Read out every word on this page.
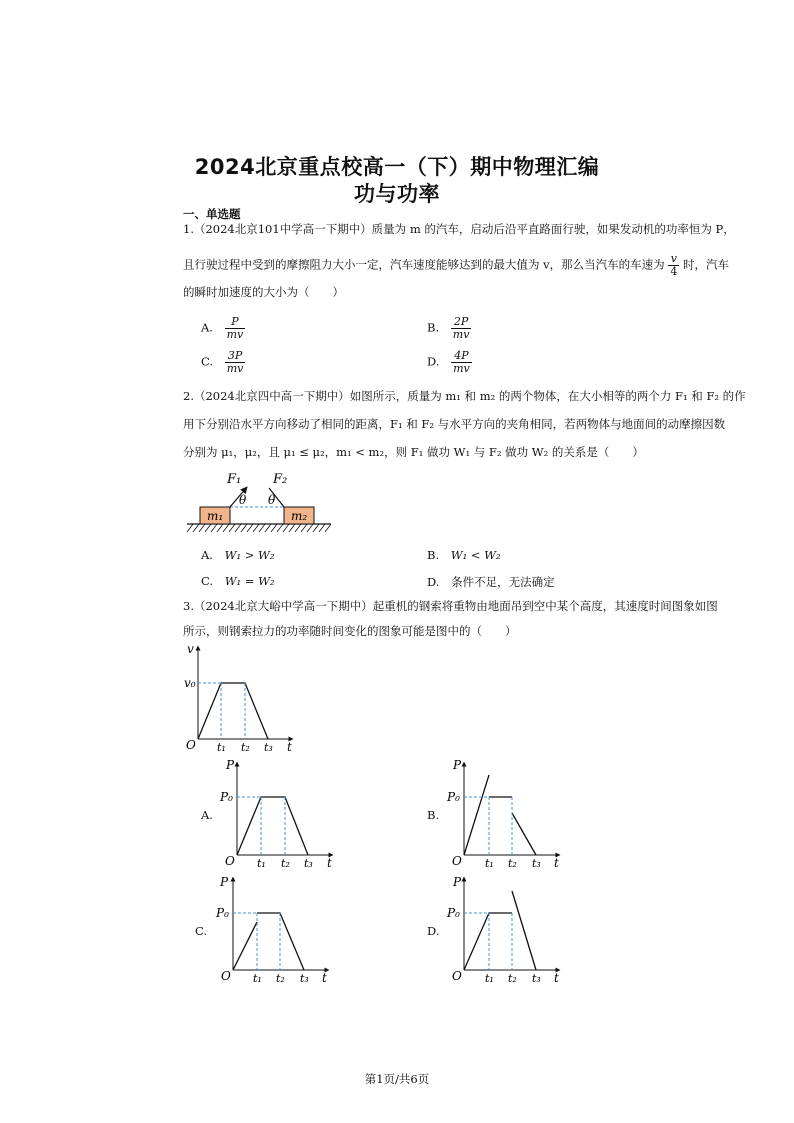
2024北京重点校高一（下）期中物理汇编
功与功率
一、单选题
1.（2024北京101中学高一下期中）质量为 m 的汽车，启动后沿平直路面行驶，如果发动机的功率恒为 P，
且行驶过程中受到的摩擦阻力大小一定，汽车速度能够达到的最大值为 v，那么当汽车的车速为 $\frac{v}{4}$ 时，汽车
的瞬时加速度的大小为（　　）
A. $\frac{P}{mv}$	B. $\frac{2P}{mv}$
C. $\frac{3P}{mv}$	D. $\frac{4P}{mv}$
2.（2024北京四中高一下期中）如图所示，质量为 m₁ 和 m₂ 的两个物体，在大小相等的两个力 F₁ 和 F₂ 的作
用下分别沿水平方向移动了相同的距离，F₁ 和 F₂ 与水平方向的夹角相同，若两物体与地面间的动摩擦因数
分别为 μ₁，μ₂，且 μ₁ ≤ μ₂，m₁ < m₂，则 F₁ 做功 W₁ 与 F₂ 做功 W₂ 的关系是（　　）
m₁	m₂
F₁ F₂
θ θ
A. W₁ > W₂	B. W₁ < W₂
C. W₁ = W₂	D. 条件不足，无法确定
3.（2024北京大峪中学高一下期中）起重机的钢索将重物由地面吊到空中某个高度，其速度时间图象如图
所示，则钢索拉力的功率随时间变化的图象可能是图中的（　　）
v
v₀
O t₁ t₂ t₃ t
A.
P
P₀
O t₁ t₂ t₃ t
B.
P
P₀
O t₁ t₂ t₃ t
C.
P
P₀
O t₁ t₂ t₃ t
D.
P
P₀
O t₁ t₂ t₃ t
第1页/共6页
